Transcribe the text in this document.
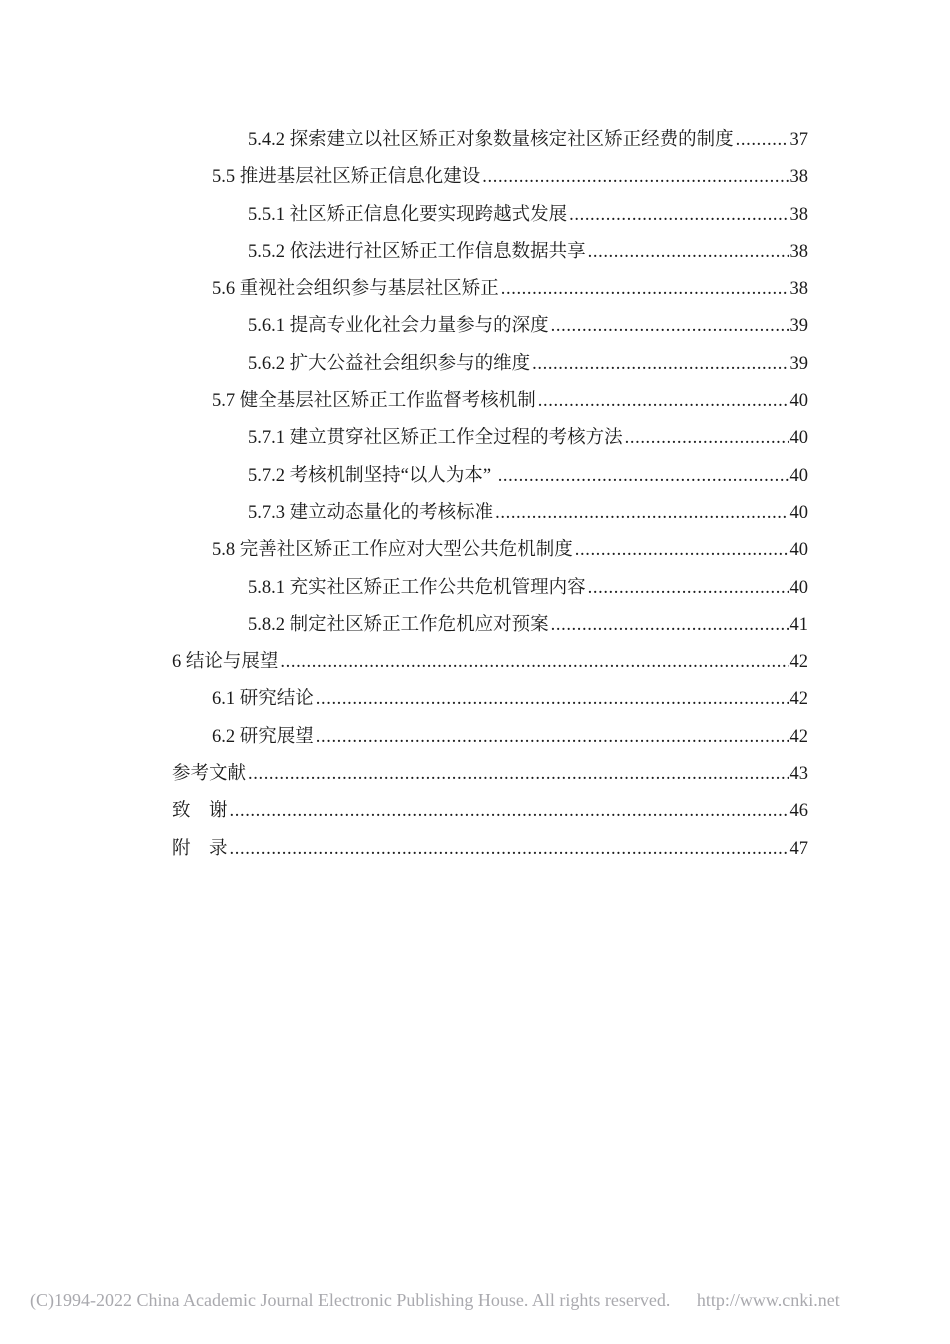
5.4.2 探索建立以社区矫正对象数量核定社区矫正经费的制度 .....	37
5.5 推进基层社区矫正信息化建设 .....	38
5.5.1 社区矫正信息化要实现跨越式发展 .....	38
5.5.2 依法进行社区矫正工作信息数据共享 .....	38
5.6 重视社会组织参与基层社区矫正 .....	38
5.6.1 提高专业化社会力量参与的深度 .....	39
5.6.2 扩大公益社会组织参与的维度 .....	39
5.7 健全基层社区矫正工作监督考核机制 .....	40
5.7.1 建立贯穿社区矫正工作全过程的考核方法 .....	40
5.7.2 考核机制坚持“以人为本” .....	40
5.7.3 建立动态量化的考核标准 .....	40
5.8 完善社区矫正工作应对大型公共危机制度 .....	40
5.8.1 充实社区矫正工作公共危机管理内容 .....	40
5.8.2 制定社区矫正工作危机应对预案 .....	41
6 结论与展望 .....	42
6.1 研究结论 .....	42
6.2 研究展望 .....	42
参考文献 .....	43
致　谢 .....	46
附　录 .....	47
(C)1994-2022 China Academic Journal Electronic Publishing House. All rights reserved. http://www.cnki.net
